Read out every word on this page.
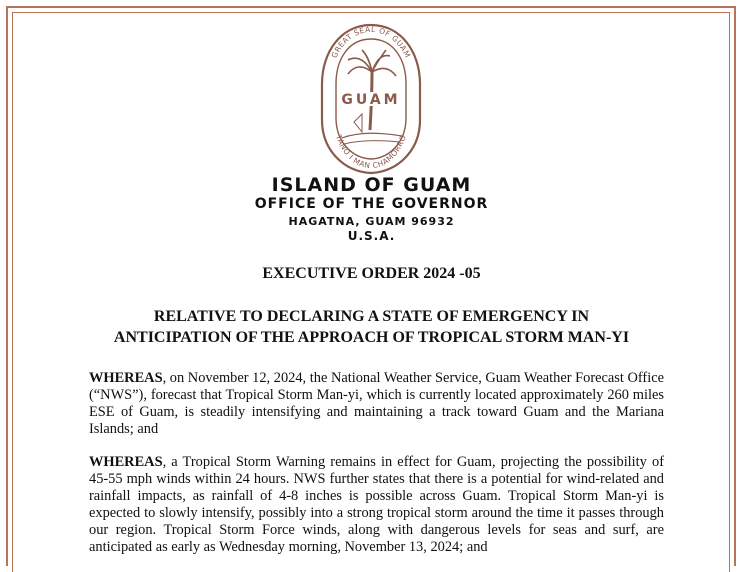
GUAM
GREAT SEAL OF GUAM
TANO I MAN CHAMORRO
ISLAND OF GUAM
OFFICE OF THE GOVERNOR
HAGATNA, GUAM 96932
U.S.A.
EXECUTIVE ORDER 2024 -05
RELATIVE TO DECLARING A STATE OF EMERGENCY IN
ANTICIPATION OF THE APPROACH OF TROPICAL STORM MAN-YI
WHEREAS, on November 12, 2024, the National Weather Service, Guam Weather Forecast Office (“NWS”), forecast that Tropical Storm Man-yi, which is currently located approximately 260 miles ESE of Guam, is steadily intensifying and maintaining a track toward Guam and the Mariana Islands; and
WHEREAS, a Tropical Storm Warning remains in effect for Guam, projecting the possibility of 45-55 mph winds within 24 hours. NWS further states that there is a potential for wind-related and rainfall impacts, as rainfall of 4-8 inches is possible across Guam. Tropical Storm Man-yi is expected to slowly intensify, possibly into a strong tropical storm around the time it passes through our region. Tropical Storm Force winds, along with dangerous levels for seas and surf, are anticipated as early as Wednesday morning, November 13, 2024; and
